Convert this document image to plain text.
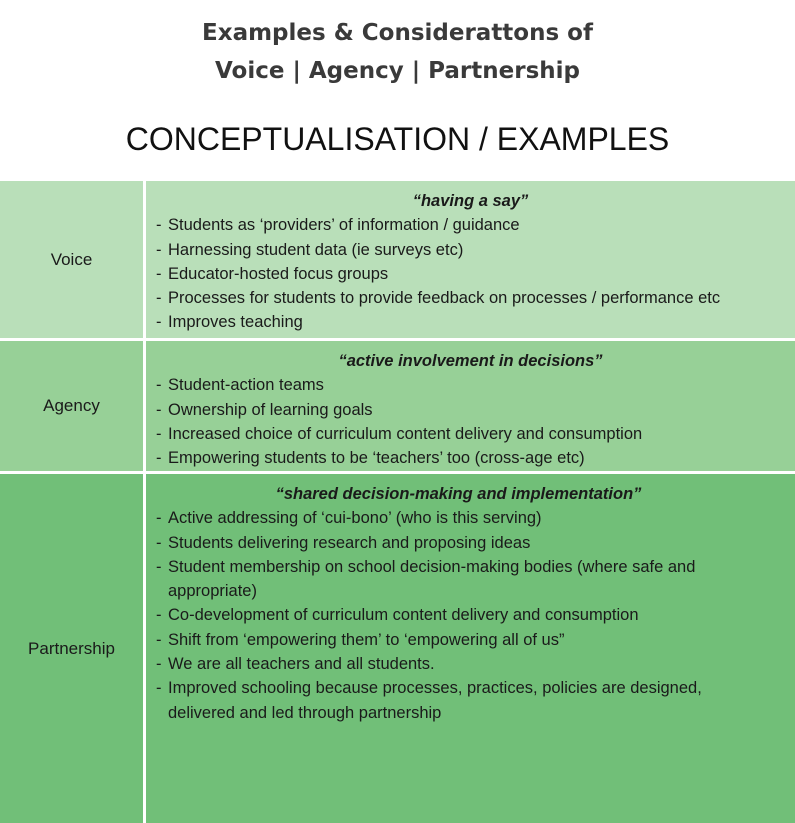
Examples & Considerattons of
Voice | Agency | Partnership
CONCEPTUALISATION / EXAMPLES
Voice
“having a say”
- Students as ‘providers’ of information / guidance
- Harnessing student data (ie surveys etc)
- Educator-hosted focus groups
- Processes for students to provide feedback on processes / performance etc
- Improves teaching
Agency
“active involvement in decisions”
- Student-action teams
- Ownership of learning goals
- Increased choice of curriculum content delivery and consumption
- Empowering students to be ‘teachers’ too (cross-age etc)
Partnership
“shared decision-making and implementation”
- Active addressing of ‘cui-bono’ (who is this serving)
- Students delivering research and proposing ideas
- Student membership on school decision-making bodies (where safe and appropriate)
- Co-development of curriculum content delivery and consumption
- Shift from ‘empowering them’ to ‘empowering all of us”
- We are all teachers and all students.
- Improved schooling because processes, practices, policies are designed, delivered and led through partnership
